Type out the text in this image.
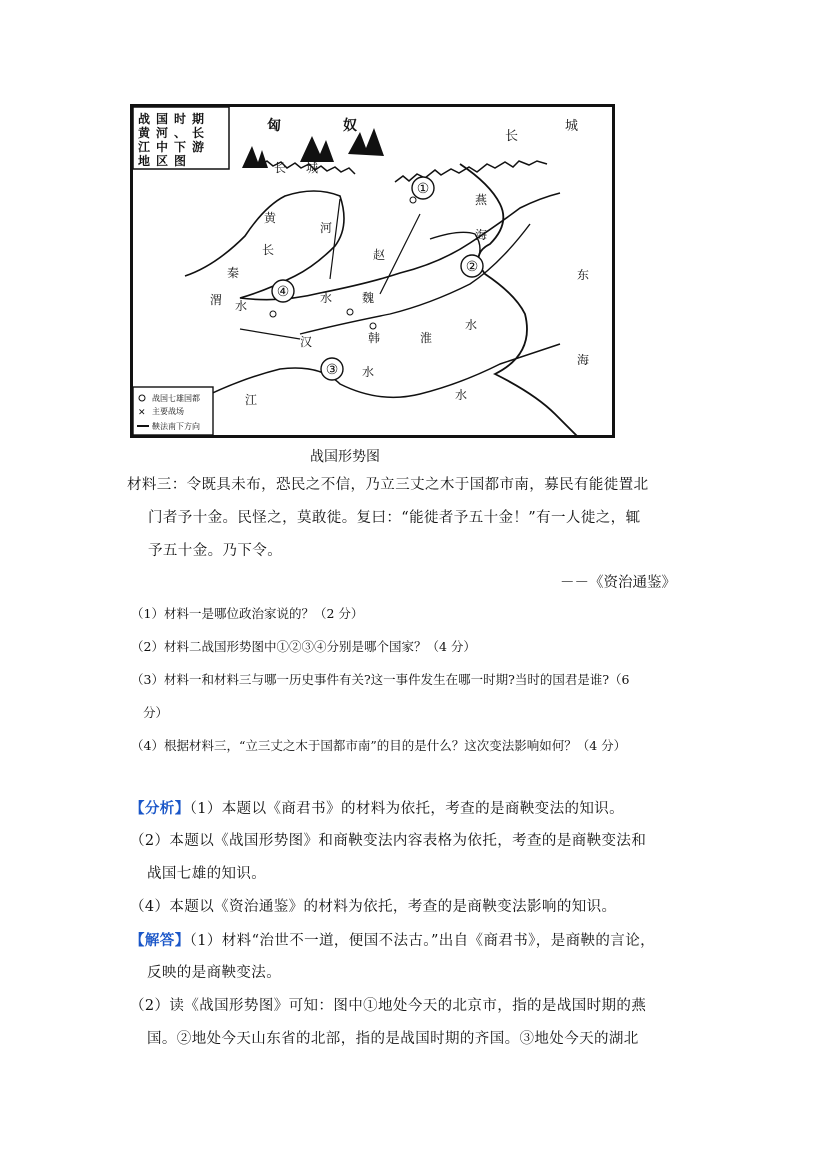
战国时期
黄河、长
江中下游
地区图
匈	奴
长
城
长 城
燕
海
黄
河
长	赵
秦
渭 水
水 魏
韩	淮
水
东
海
汉
江
水
水
①
②
③
④
战国七雄国都
✕ 主要战场
鞅法南下方向
战国形势图
材料三：令既具未布，恐民之不信，乃立三丈之木于国都市南，募民有能徙置北
门者予十金。民怪之，莫敢徙。复曰：“能徙者予五十金！”有一人徙之，辄
予五十金。乃下令。
－－《资治通鉴》
（1）材料一是哪位政治家说的？（2 分）
（2）材料二战国形势图中①②③④分别是哪个国家？（4 分）
（3）材料一和材料三与哪一历史事件有关?这一事件发生在哪一时期?当时的国君是谁?（6
分）
（4）根据材料三，“立三丈之木于国都市南”的目的是什么？这次变法影响如何？（4 分）
【分析】（1）本题以《商君书》的材料为依托，考查的是商鞅变法的知识。
（2）本题以《战国形势图》和商鞅变法内容表格为依托，考查的是商鞅变法和
战国七雄的知识。
（4）本题以《资治通鉴》的材料为依托，考查的是商鞅变法影响的知识。
【解答】（1）材料“治世不一道，便国不法古。”出自《商君书》，是商鞅的言论，
反映的是商鞅变法。
（2）读《战国形势图》可知：图中①地处今天的北京市，指的是战国时期的燕
国。②地处今天山东省的北部，指的是战国时期的齐国。③地处今天的湖北
